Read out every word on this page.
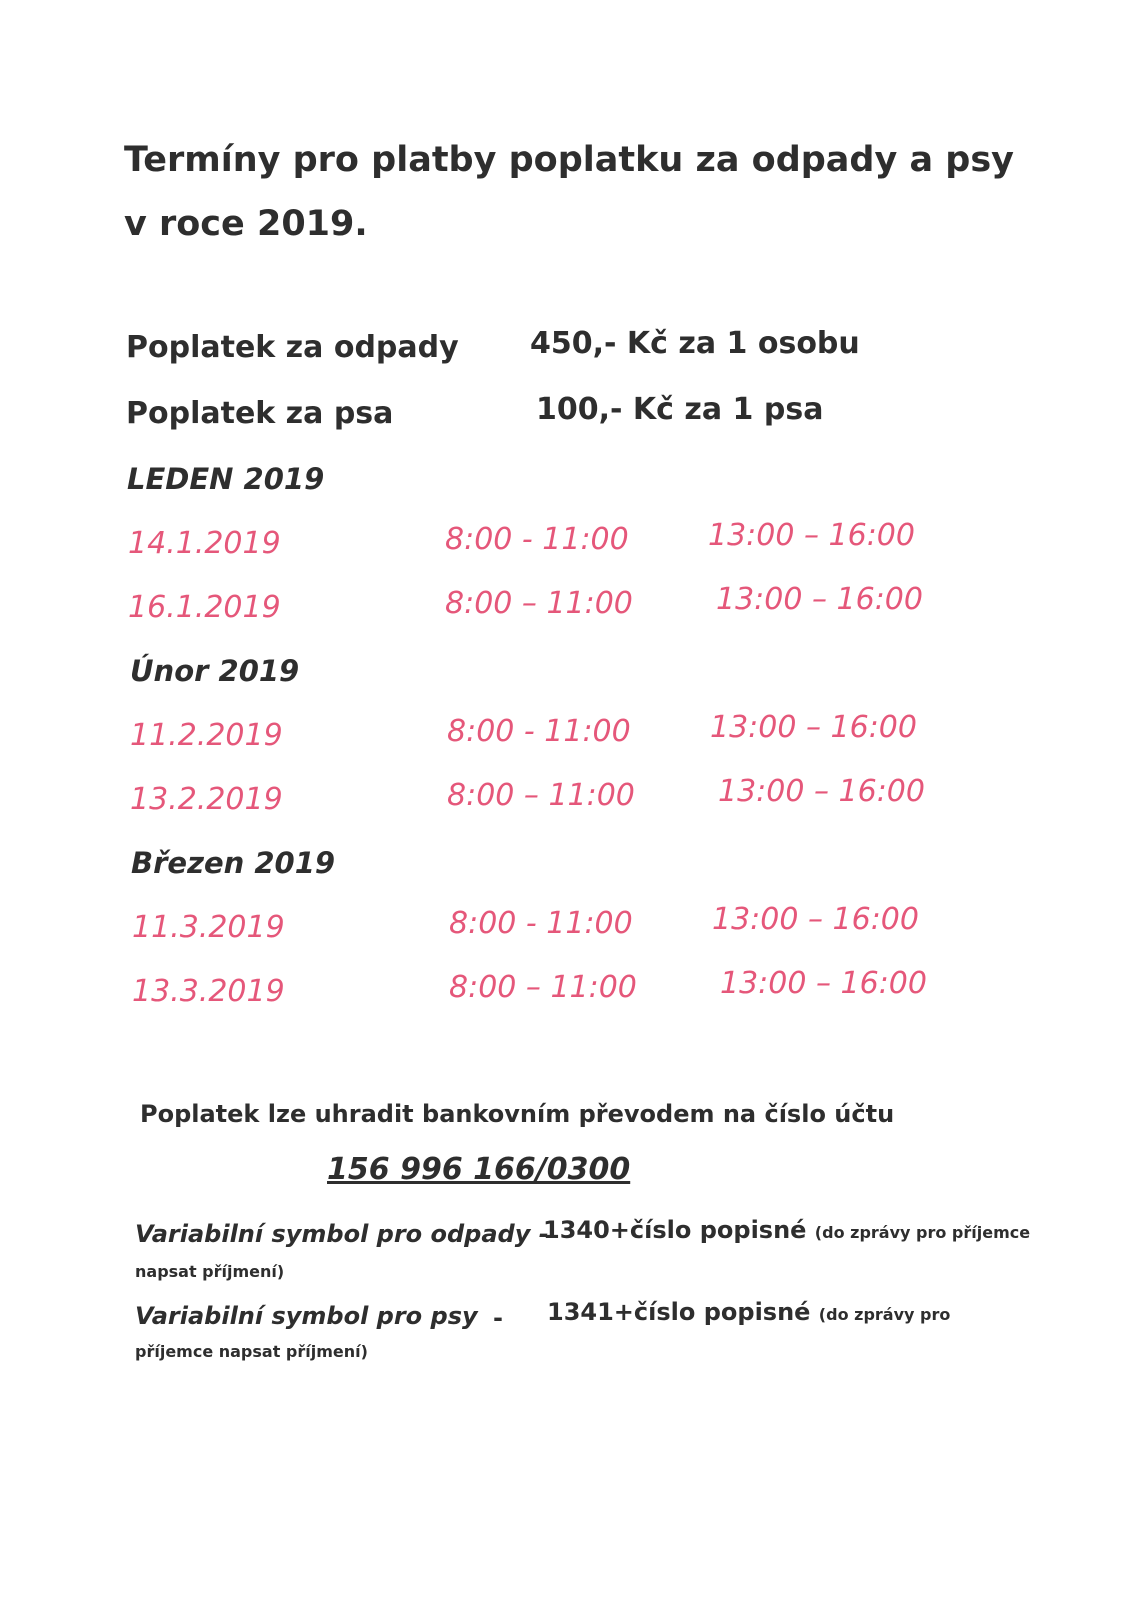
Termíny pro platby poplatku za odpady a psy
v roce 2019.
Poplatek za odpady 450,- Kč za 1 osobu
Poplatek za psa	100,- Kč za 1 psa
LEDEN 2019
14.1.2019	8:00 - 11:00	13:00 – 16:00
16.1.2019	8:00 – 11:00	13:00 – 16:00
Únor 2019
11.2.2019	8:00 - 11:00	13:00 – 16:00
13.2.2019	8:00 – 11:00	13:00 – 16:00
Březen 2019
11.3.2019	8:00 - 11:00	13:00 – 16:00
13.3.2019	8:00 – 11:00	13:00 – 16:00
Poplatek lze uhradit bankovním převodem na číslo účtu
156 996 166/0300
Variabilní symbol pro odpady -
1340+číslo popisné (do zprávy pro příjemce
napsat příjmení)
Variabilní symbol pro psy - 1341+číslo popisné (do zprávy pro
příjemce napsat příjmení)
